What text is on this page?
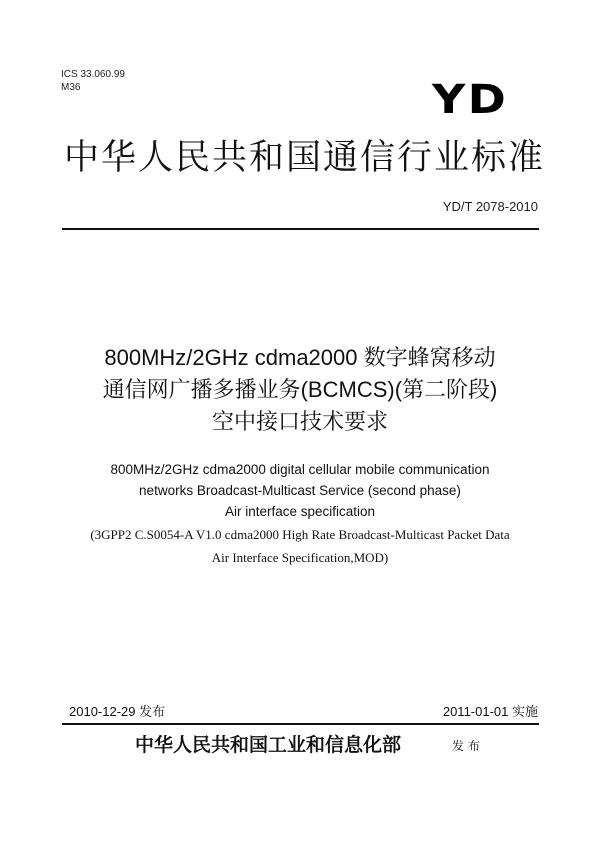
ICS 33.060.99
M36	YD
中华人民共和国通信行业标准
YD/T 2078-2010
800MHz/2GHz cdma2000 数字蜂窝移动
通信网广播多播业务(BCMCS)(第二阶段)
空中接口技术要求
800MHz/2GHz cdma2000 digital cellular mobile communication
networks Broadcast-Multicast Service (second phase)
Air interface specification
(3GPP2 C.S0054-A V1.0 cdma2000 High Rate Broadcast-Multicast Packet Data
Air Interface Specification,MOD)
2010-12-29 发布	2011-01-01 实施
中华人民共和国工业和信息化部	发布
